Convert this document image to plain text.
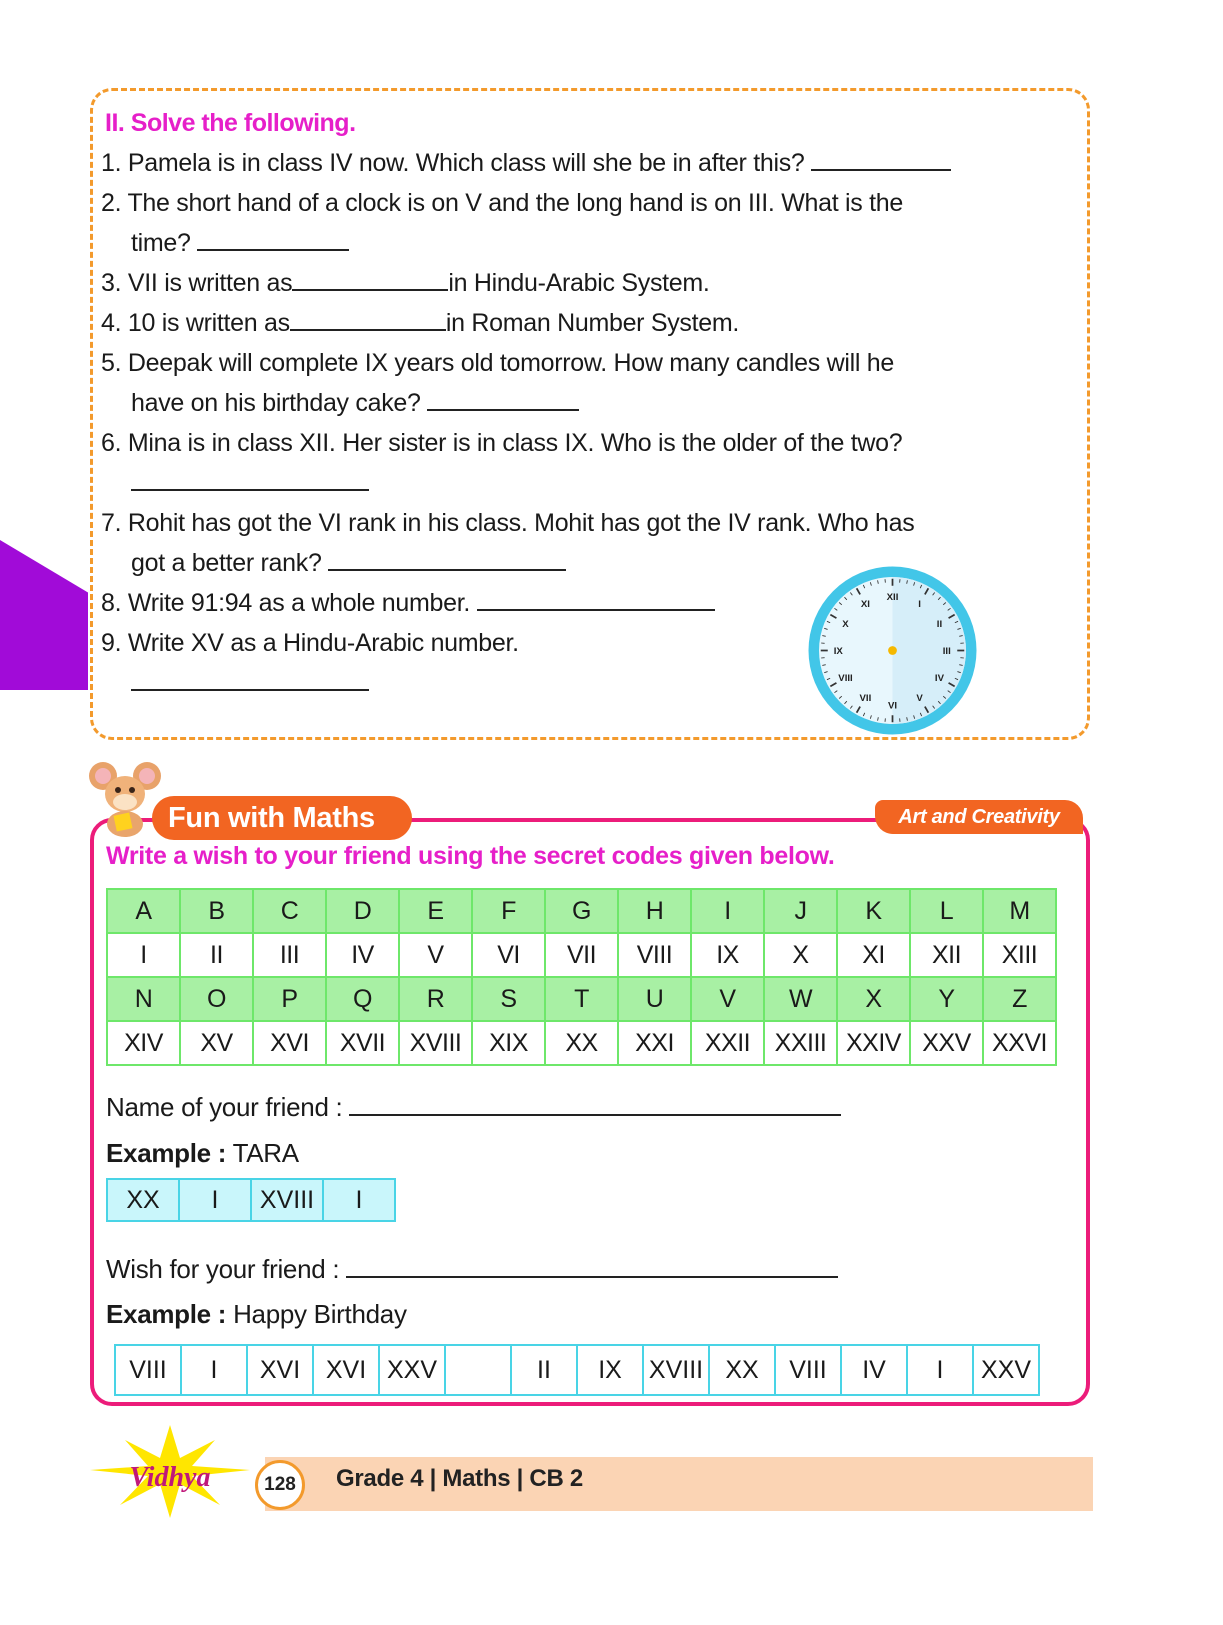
II. Solve the following.
1. Pamela is in class IV now. Which class will she be in after this?
2. The short hand of a clock is on V and the long hand is on III. What is the
time?
3. VII is written as	in Hindu-Arabic System.
4. 10 is written as	in Roman Number System.
5. Deepak will complete IX years old tomorrow. How many candles will he
have on his birthday cake?
6. Mina is in class XII. Her sister is in class IX. Who is the older of the two?
7. Rohit has got the VI rank in his class. Mohit has got the IV rank. Who has
got a better rank?
8. Write 91:94 as a whole number.
9. Write XV as a Hindu-Arabic number.
XII
I
II
III
IV
V
VI
VII
VIII
IX
X
XI
Fun with Maths	Art and Creativity
Write a wish to your friend using the secret codes given below.
A	B	C	D	E	F	G	H	I	J	K	L	M
I	II	III	IV	V	VI	VII	VIII	IX	X	XI	XII	XIII
N	O	P	Q	R	S	T	U	V	W	X	Y	Z
XIV	XV	XVI	XVII	XVIII	XIX	XX	XXI	XXII	XXIII	XXIV	XXV	XXVI
Name of your friend :
Example : TARA
XX	I	XVIII	I
Wish for your friend :
Example : Happy Birthday
VIII	I	XVI	XVI	XXV		II	IX	XVIII	XX	VIII	IV	I	XXV
Vidhya	128	Grade 4 | Maths | CB 2
